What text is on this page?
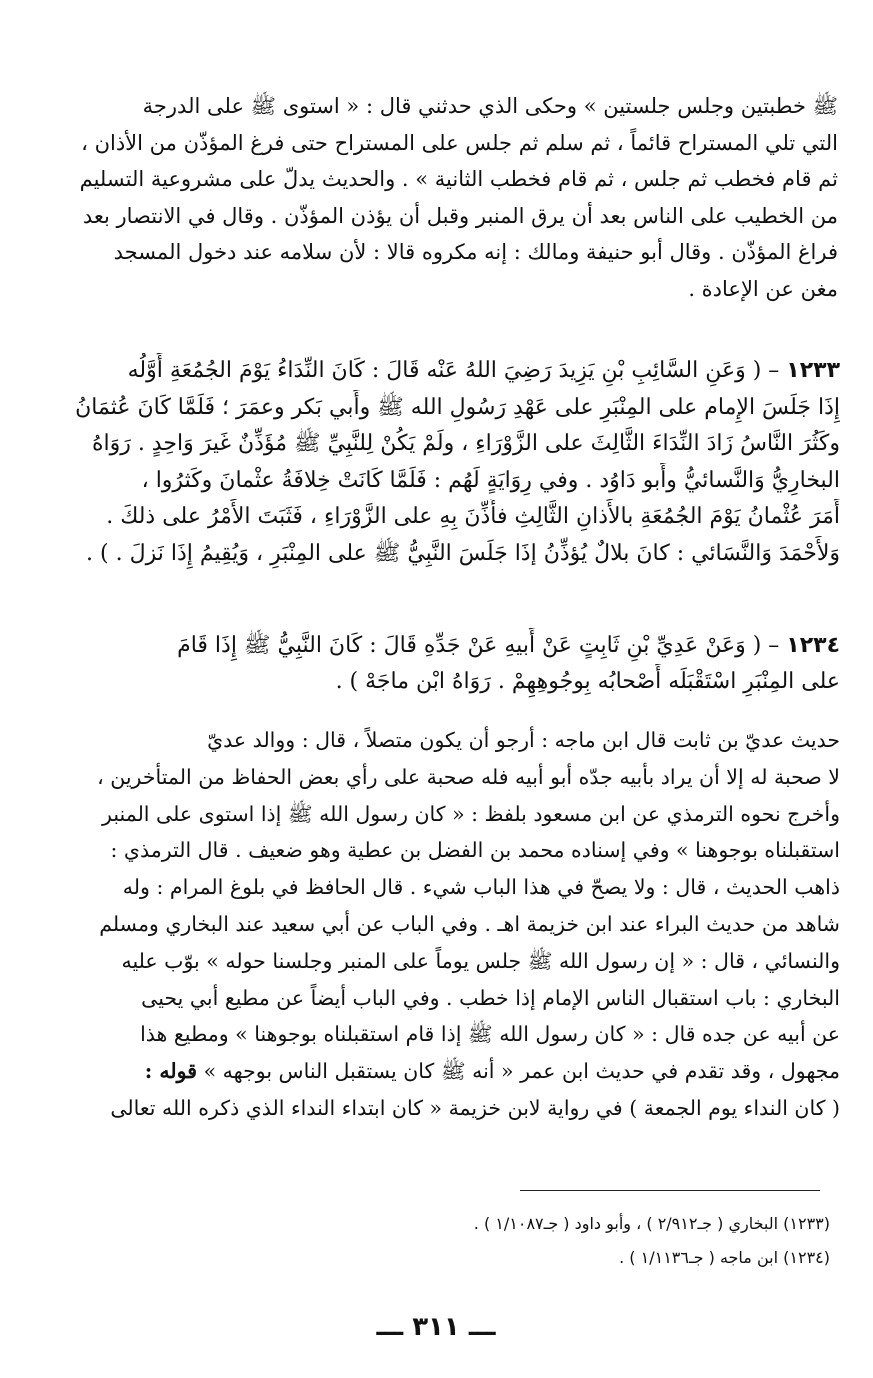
ﷺ خطبتين وجلس جلستين » وحكى الذي حدثني قال : « استوى ﷺ على الدرجة
التي تلي المستراح قائماً ، ثم سلم ثم جلس على المستراح حتى فرغ المؤذّن من الأذان ،
ثم قام فخطب ثم جلس ، ثم قام فخطب الثانية » . والحديث يدلّ على مشروعية التسليم
من الخطيب على الناس بعد أن يرق المنبر وقبل أن يؤذن المؤذّن . وقال في الانتصار بعد
فراغ المؤذّن . وقال أبو حنيفة ومالك : إنه مكروه قالا : لأن سلامه عند دخول المسجد
مغن عن الإعادة .
١٢٣٣ – ( وَعَنِ السَّائِبِ بْنِ يَزِيدَ رَضِيَ اللهُ عَنْه قَالَ : كَانَ النِّدَاءُ يَوْمَ الجُمُعَةِ أَوَّلُه
إِذَا جَلَسَ الإِمام على المِنْبَرِ على عَهْدِ رَسُولِ الله ﷺ وأَبي بَكر وعمَرَ ؛ فَلَمَّا كَانَ عُثمَانُ
وكَثُرَ النَّاسُ زَادَ النِّدَاءَ الثَّالِثَ على الزَّوْرَاءِ ، ولَمْ يَكُنْ لِلنَّبِيِّ ﷺ مُؤَذِّنٌ غَيرَ وَاحِدٍ . رَوَاهُ
البخارِيُّ وَالنَّسائيُّ وأَبو دَاوُد . وفي رِوَايَةٍ لَهُم : فَلَمَّا كَانَتْ خِلافَةُ عثْمانَ وكَثرُوا ،
أَمَرَ عُثْمانُ يَوْمَ الجُمُعَةِ بالأَذانِ الثَّالِثِ فأُذِّنَ بِهِ على الزَّوْرَاءِ ، فَثَبَتَ الأَمْرُ على ذلكَ .
وَلأَحْمَدَ وَالنَّسَائي : كانَ بلالٌ يُؤذِّنُ إذَا جَلَسَ النَّبِيُّ ﷺ على المِنْبَرِ ، وَيُقِيمُ إِذَا نَزلَ . ) .
١٢٣٤ – ( وَعَنْ عَدِيِّ بْنِ ثَابِتٍ عَنْ أَبيهِ عَنْ جَدِّهِ قَالَ : كَانَ النَّبِيُّ ﷺ إِذَا قَامَ
على المِنْبَرِ اسْتَقْبَلَه أَصْحابُه بِوجُوهِهِمْ . رَوَاهُ ابْن ماجَهْ ) .
حديث عديّ بن ثابت قال ابن ماجه : أرجو أن يكون متصلاً ، قال : ووالد عديّ
لا صحبة له إلا أن يراد بأبيه جدّه أبو أبيه فله صحبة على رأي بعض الحفاظ من المتأخرين ،
وأخرج نحوه الترمذي عن ابن مسعود بلفظ : « كان رسول الله ﷺ إذا استوى على المنبر
استقبلناه بوجوهنا » وفي إسناده محمد بن الفضل بن عطية وهو ضعيف . قال الترمذي :
ذاهب الحديث ، قال : ولا يصحّ في هذا الباب شيء . قال الحافظ في بلوغ المرام : وله
شاهد من حديث البراء عند ابن خزيمة اهـ . وفي الباب عن أبي سعيد عند البخاري ومسلم
والنسائي ، قال : « إن رسول الله ﷺ جلس يوماً على المنبر وجلسنا حوله » بوّب عليه
البخاري : باب استقبال الناس الإمام إذا خطب . وفي الباب أيضاً عن مطيع أبي يحيى
عن أبيه عن جده قال : « كان رسول الله ﷺ إذا قام استقبلناه بوجوهنا » ومطيع هذا
مجهول ، وقد تقدم في حديث ابن عمر « أنه ﷺ كان يستقبل الناس بوجهه » قوله :
( كان النداء يوم الجمعة ) في رواية لابن خزيمة « كان ابتداء النداء الذي ذكره الله تعالى
(١٢٣٣) البخاري ( جـ٢/٩١٢ ) ، وأبو داود ( جـ١/١٠٨٧ ) .
(١٢٣٤) ابن ماجه ( جـ١/١١٣٦ ) .
ـــ ٣١١ ـــ
